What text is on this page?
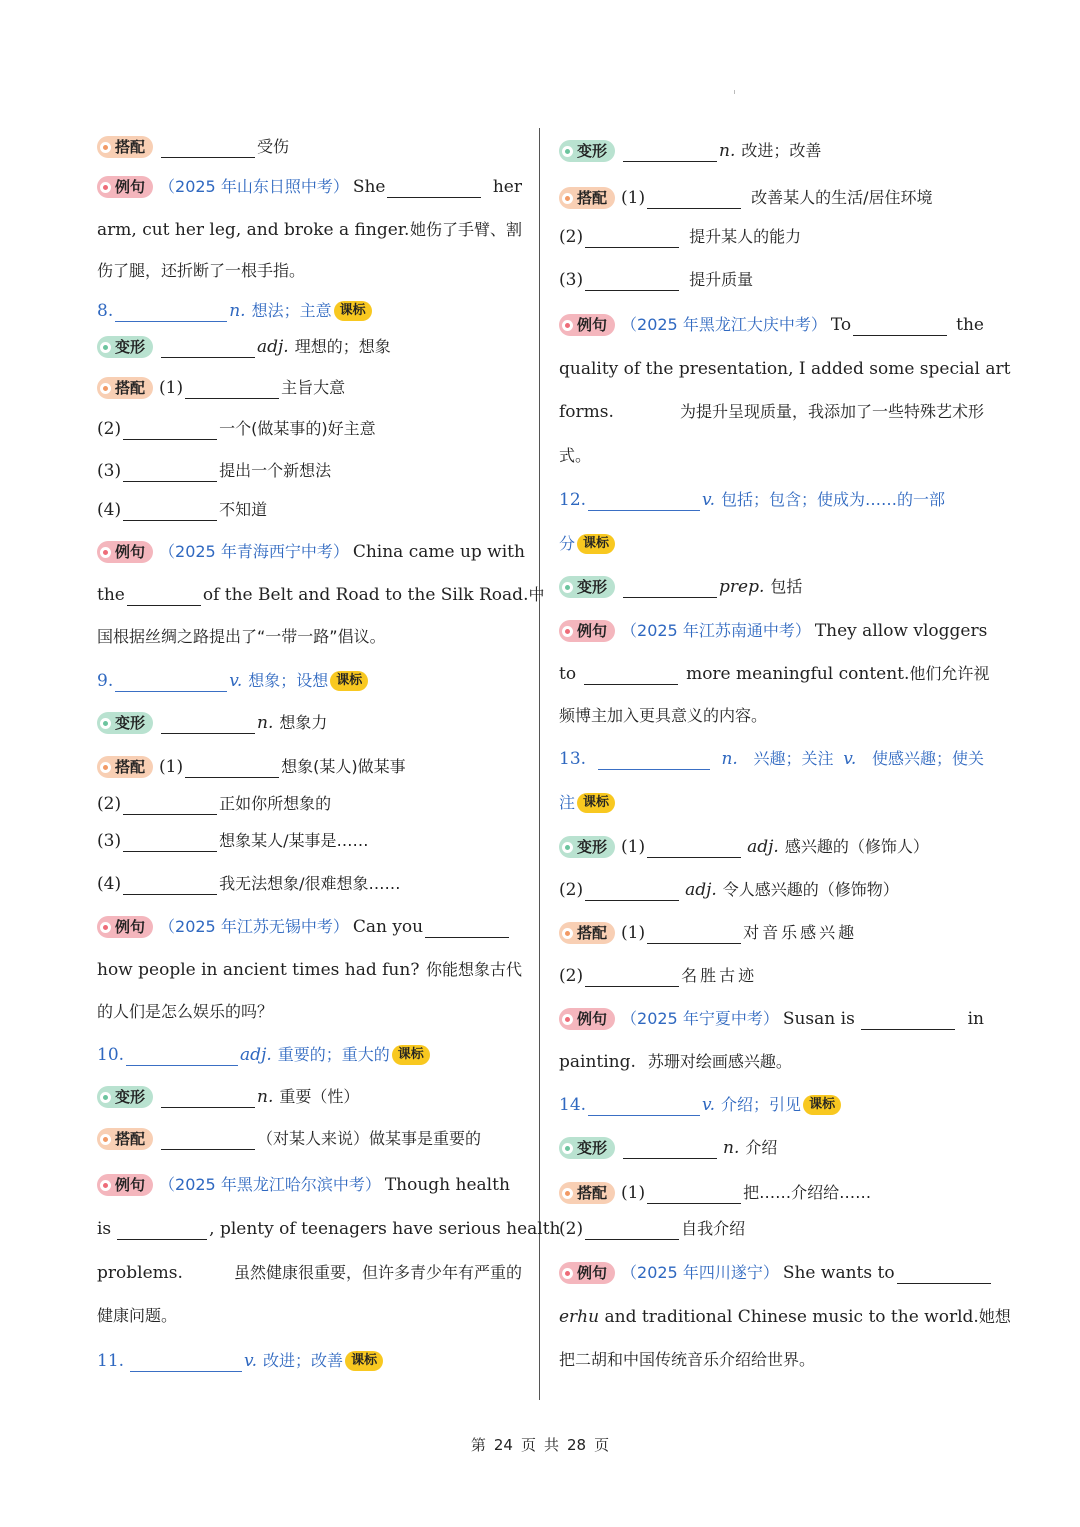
搭配	受伤
例句 （2025 年山东日照中考） She	her
arm, cut her leg, and broke a finger. 她伤了手臂、割
伤了腿，还折断了一根手指。
8.	n. 想法；主意 课标
变形	adj. 理想的；想象
搭配 (1)	主旨大意
(2)	一个(做某事的)好主意
(3)	提出一个新想法
(4)	不知道
例句 （2025 年青海西宁中考） China came up with
the	of the Belt and Road to the Silk Road. 中
国根据丝绸之路提出了“一带一路”倡议。
9.	v. 想象；设想 课标
变形	n. 想象力
搭配 (1)	想象(某人)做某事
(2)	正如你所想象的
(3)	想象某人/某事是……
(4)	我无法想象/很难想象……
例句 （2025 年江苏无锡中考） Can you
how people in ancient times had fun? 你能想象古代
的人们是怎么娱乐的吗？
10.	adj. 重要的；重大的 课标
变形	n. 重要（性）
搭配	（对某人来说）做某事是重要的
例句 （2025 年黑龙江哈尔滨中考） Though health
is	, plenty of teenagers have serious health
problems.	虽然健康很重要，但许多青少年有严重的
健康问题。
11.	v. 改进；改善 课标
变形	n. 改进；改善
搭配 (1)	改善某人的生活/居住环境
(2)	提升某人的能力
(3)	提升质量
例句 （2025 年黑龙江大庆中考） To	the
quality of the presentation, I added some special art
forms.	为提升呈现质量，我添加了一些特殊艺术形
式。
12.	v. 包括；包含；使成为……的一部
分 课标
变形	prep. 包括
例句 （2025 年江苏南通中考） They allow vloggers
to	more meaningful content. 他们允许视
频博主加入更具意义的内容。
13.	n. 兴趣；关注 v. 使感兴趣；使关
注 课标
变形 (1)	adj. 感兴趣的（修饰人）
(2)	adj. 令人感兴趣的（修饰物）
搭配 (1)	对音乐感兴趣
(2)	名胜古迹
例句 （2025 年宁夏中考） Susan is	in
painting. 苏珊对绘画感兴趣。
14.	v. 介绍；引见 课标
变形	n. 介绍
搭配 (1)	把……介绍给……
(2)	自我介绍
例句 （2025 年四川遂宁） She wants to
erhu and traditional Chinese music to the world. 她想
把二胡和中国传统音乐介绍给世界。
第 24 页 共 28 页
